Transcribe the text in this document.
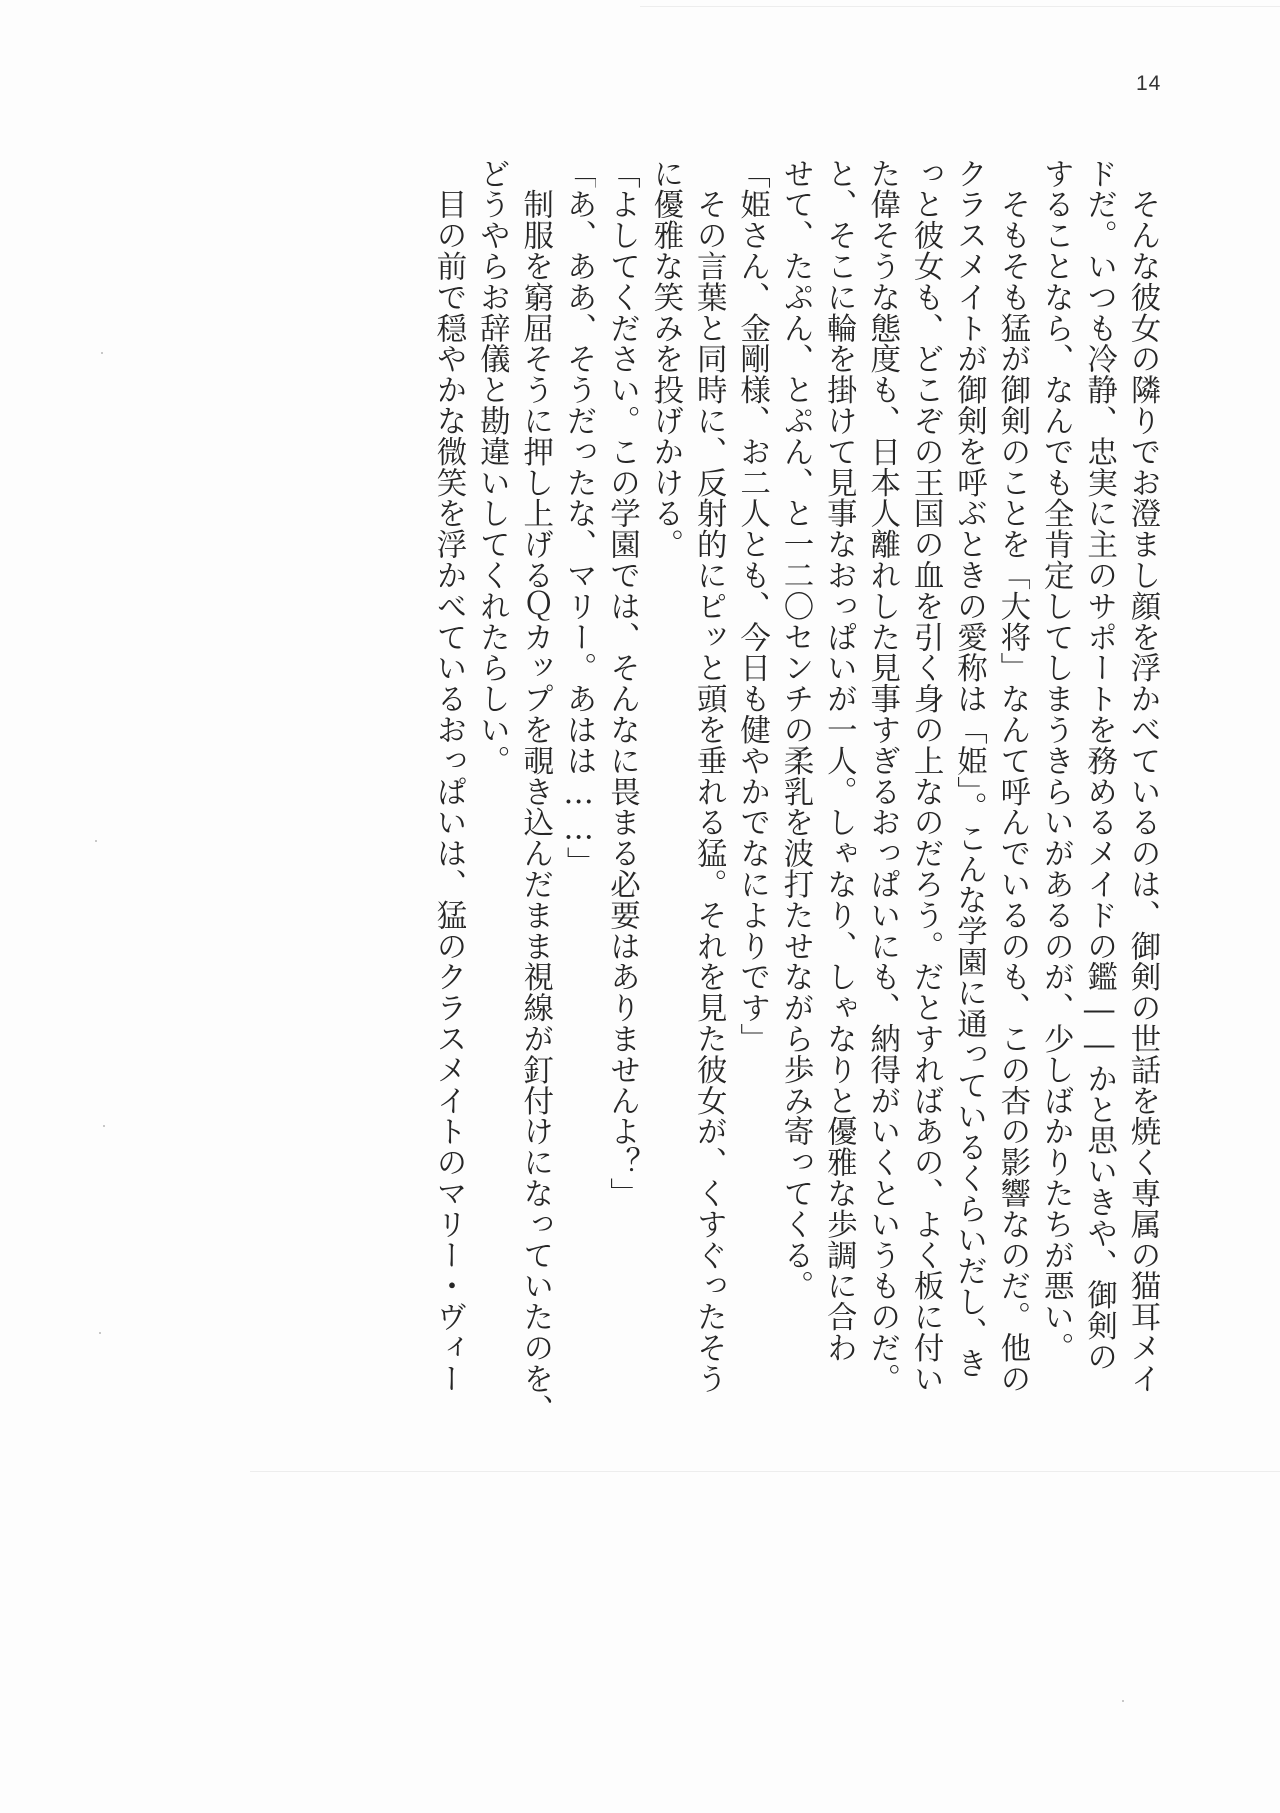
14
　そんな彼女の隣りでお澄まし顔を浮かべているのは、御剣の世話を焼く専属の猫耳メイ
ドだ。いつも冷静、忠実に主のサポートを務めるメイドの鑑――かと思いきや、御剣の
することなら、なんでも全肯定してしまうきらいがあるのが、少しばかりたちが悪い。
　そもそも猛が御剣のことを「大将」なんて呼んでいるのも、この杏の影響なのだ。他の
クラスメイトが御剣を呼ぶときの愛称は「姫」。こんな学園に通っているくらいだし、き
っと彼女も、どこぞの王国の血を引く身の上なのだろう。だとすればあの、よく板に付い
た偉そうな態度も、日本人離れした見事すぎるおっぱいにも、納得がいくというものだ。
と、そこに輪を掛けて見事なおっぱいが一人。しゃなり、しゃなりと優雅な歩調に合わ
せて、たぷん、とぷん、と一二〇センチの柔乳を波打たせながら歩み寄ってくる。
「姫さん、金剛様、お二人とも、今日も健やかでなによりです」
　その言葉と同時に、反射的にピッと頭を垂れる猛。それを見た彼女が、くすぐったそう
に優雅な笑みを投げかける。
「よしてください。この学園では、そんなに畏まる必要はありませんよ？」
「あ、ああ、そうだったな、マリー。あはは……」
　制服を窮屈そうに押し上げるＱカップを覗き込んだまま視線が釘付けになっていたのを、
どうやらお辞儀と勘違いしてくれたらしい。
　目の前で穏やかな微笑を浮かべているおっぱいは、猛のクラスメイトのマリー・ヴィー
